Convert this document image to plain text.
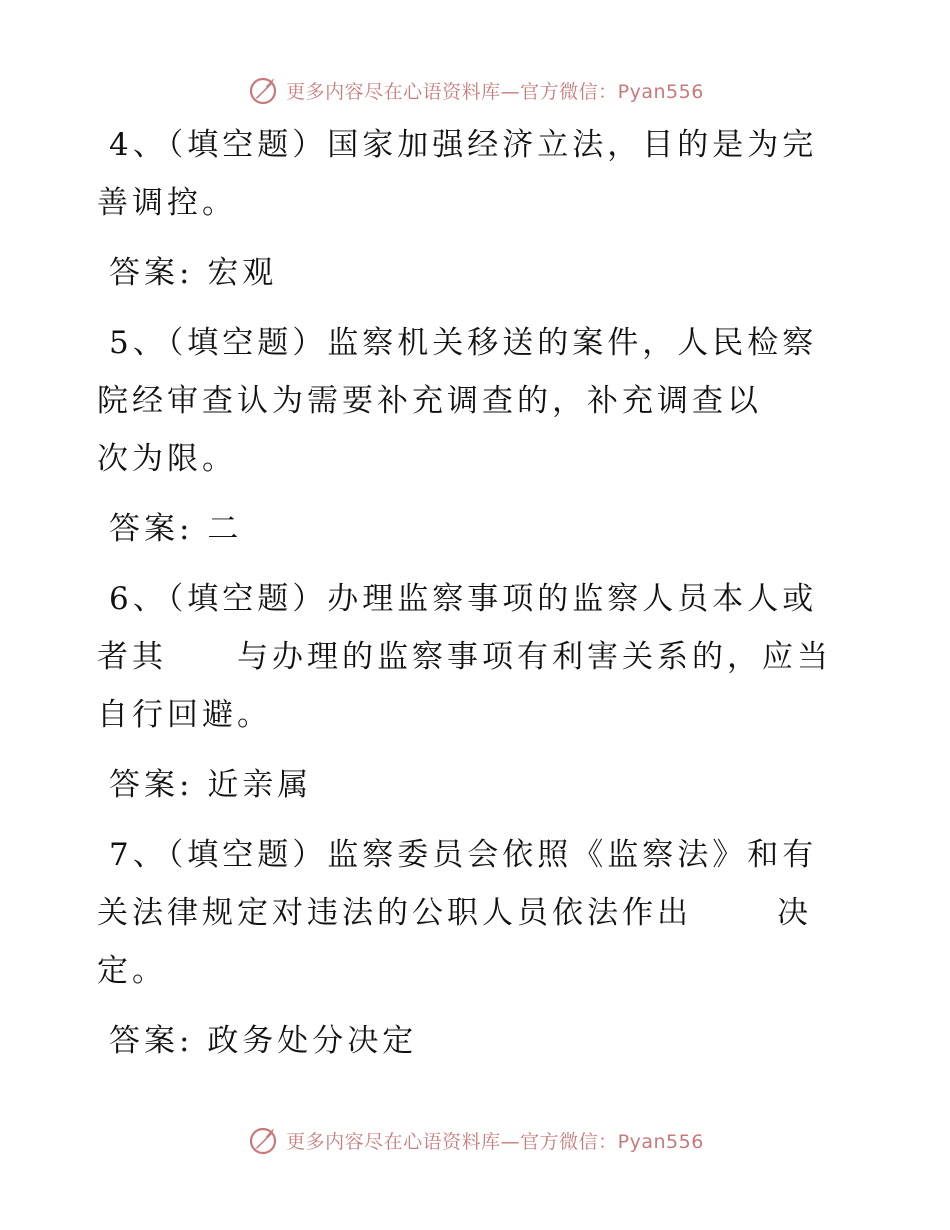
更多内容尽在心语资料库—官方微信：Pyan556

4、（填空题）国家加强经济立法，目的是为完善调控。

答案: 宏观

5、（填空题）监察机关移送的案件，人民检察院经审查认为需要补充调查的，补充调查以次为限。

答案: 二

6、（填空题）办理监察事项的监察人员本人或者其 与办理的监察事项有利害关系的，应当自行回避。

答案: 近亲属

7、（填空题）监察委员会依照《监察法》和有关法律规定对违法的公职人员依法作出	决定。

答案: 政务处分决定

更多内容尽在心语资料库—官方微信：Pyan556
